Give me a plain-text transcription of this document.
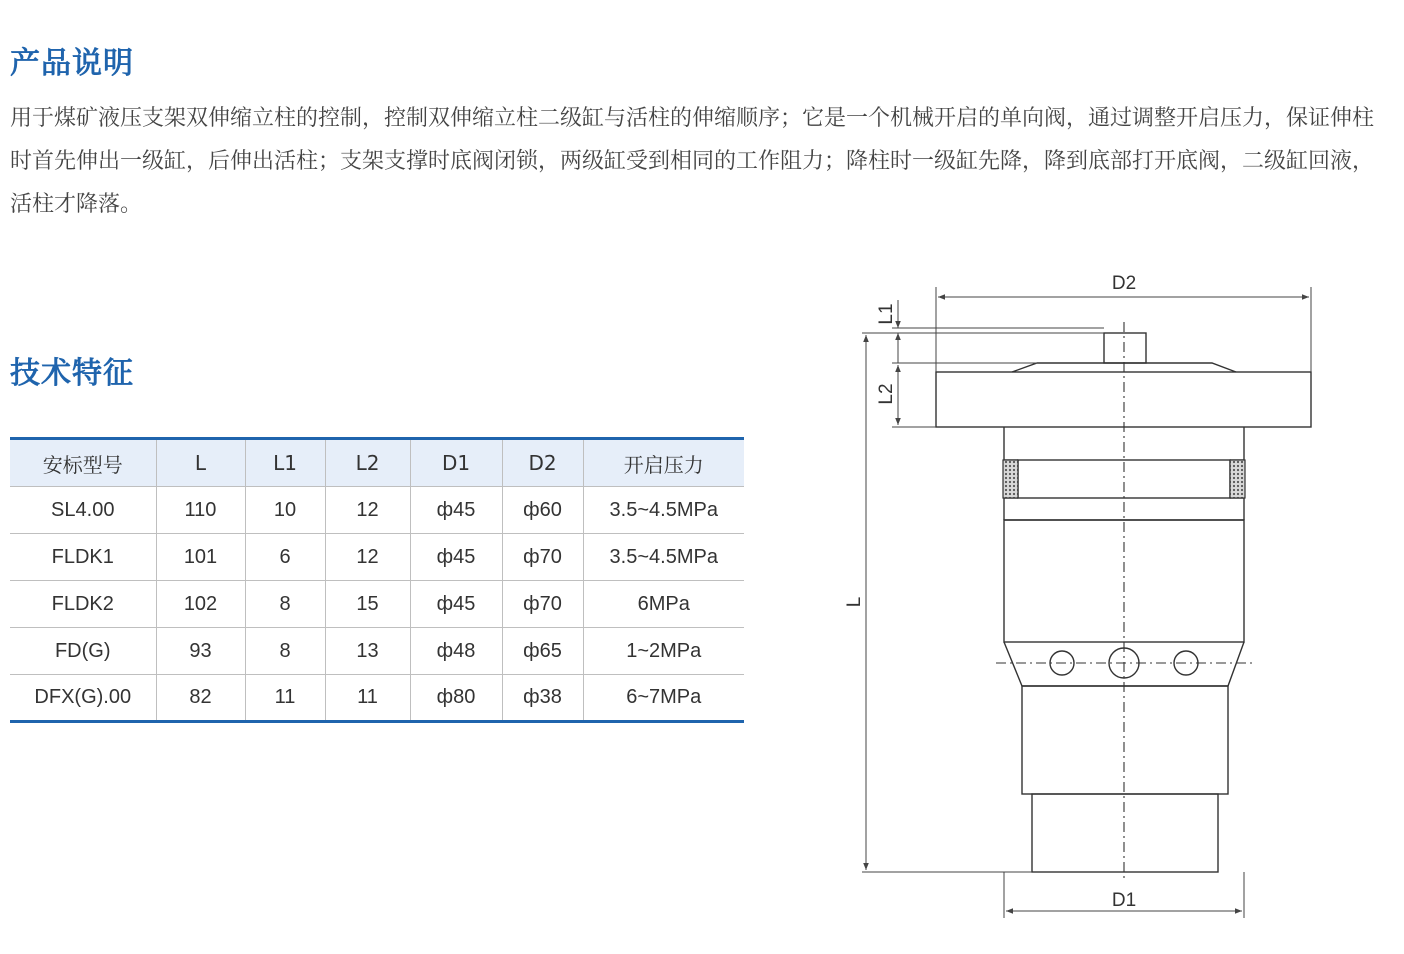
产品说明

用于煤矿液压支架双伸缩立柱的控制，控制双伸缩立柱二级缸与活柱的伸缩顺序；它是一个机械开启的单向阀，通过调整开启压力，保证伸柱时首先伸出一级缸，后伸出活柱；支架支撑时底阀闭锁，两级缸受到相同的工作阻力；降柱时一级缸先降，降到底部打开底阀，二级缸回液，活柱才降落。

技术特征
安标型号	L	L1	L2	D1	D2	开启压力
SL4.00	110	10	12	ф45	ф60	3.5~4.5MPa
FLDK1	101	6	12	ф45	ф70	3.5~4.5MPa
FLDK2	102	8	15	ф45	ф70	6MPa
FD(G)	93	8	13	ф48	ф65	1~2MPa
DFX(G).00	82	11	11	ф80	ф38	6~7MPa
D2
D1
L
L1
L2
